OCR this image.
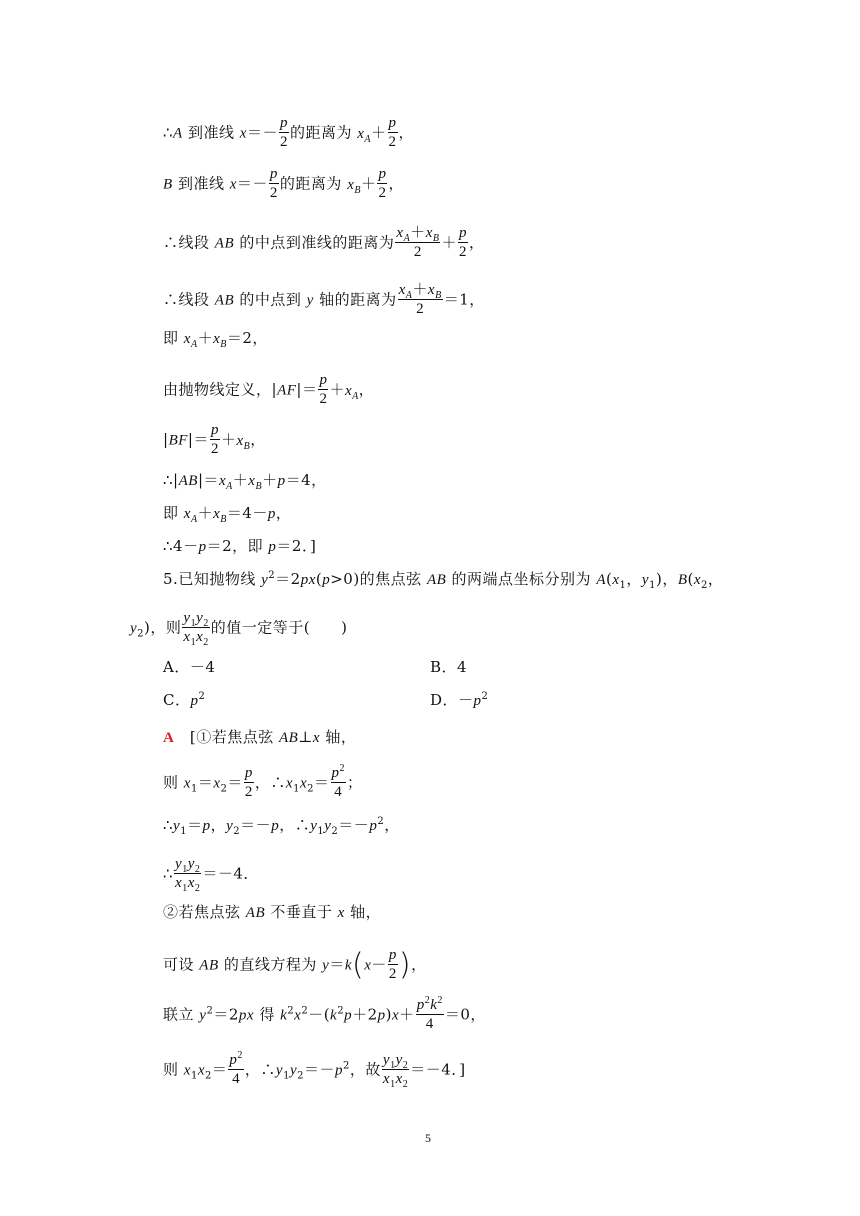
∴A 到准线 $x=- \frac{p}{2}$ 的距离为 $x_A+ \frac{p}{2}$ ，
B 到准线 $x=- \frac{p}{2}$ 的距离为 $x_B+ \frac{p}{2}$ ，
∴线段 AB 的中点到准线的距离为 $\frac{x_A+x_B}{2} + \frac{p}{2}$ ，
∴线段 AB 的中点到 y 轴的距离为 $\frac{x_A+x_B}{2} =1$，
即 $x_A+x_B=2$，
由抛物线定义，$|AF|= \frac{p}{2} +x_A$，
$|BF|= \frac{p}{2} +x_B$，
$\therefore|AB|=x_A+x_B+p=4$，
即 $x_A+x_B=4-p$，
∴4－p＝2，即 p＝2．]
5.已知抛物线 $y^2=2px(p>0)$的焦点弦 AB 的两端点坐标分别为 $A(x_1$，$y_1$)，$B(x_2$，
$y_2$)，则 $\frac{y_1y_2}{x_1x_2}$ 的值一定等于(　　)
A．－4	B．4
C．$p^2$	D．$-p^2$
A　[①若焦点弦 AB⊥x 轴，
则 $x_1=x_2= \frac{p}{2}$ ，$\therefore x_1x_2= \frac{p^2}{4}$ ；
$\therefore y_1=p$，$y_2=-p$，$\therefore y_1y_2=-p^2$，
∴ $\frac{y_1y_2}{x_1x_2} =-4$．
②若焦点弦 AB 不垂直于 x 轴，
可设 AB 的直线方程为 $y=k(x- \frac{p}{2}$ )，
联立 $y^2=2px$ 得 $k^2x^2-(k^2p+2p)x+ \frac{p^2k^2}{4} =0$，
则 $x_1x_2= \frac{p^2}{4}$ ，$\therefore y_1y_2=-p^2$，故 $\frac{y_1y_2}{x_1x_2} =-4$．]
5
